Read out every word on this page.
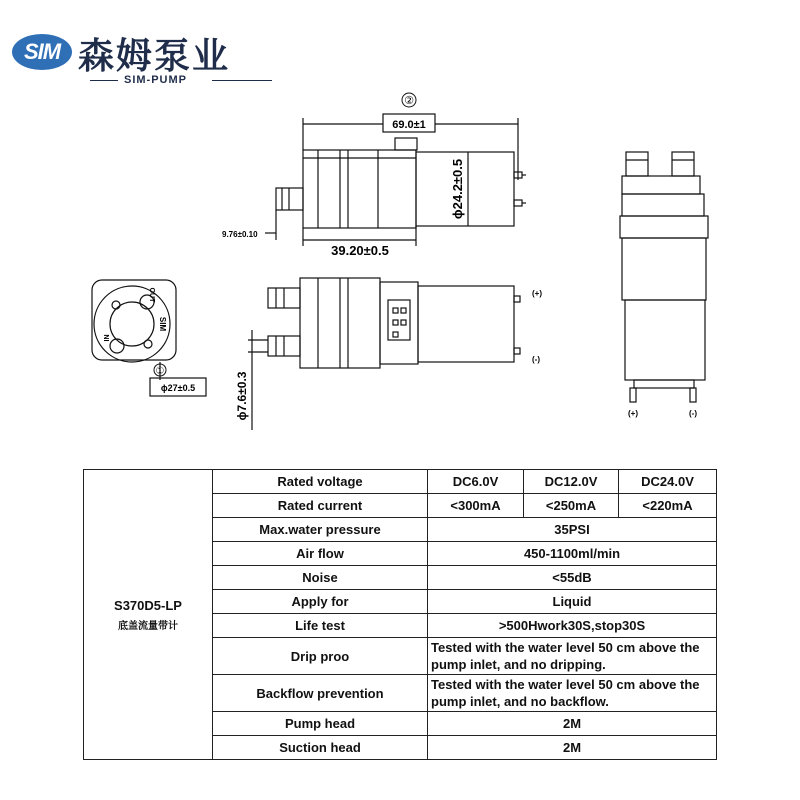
SIM 森姆泵业
SIM-PUMP
69.0±1
②
39.20±0.5
9.76±0.10
ϕ24.2±0.5
ϕ7.6±0.3
ϕ27±0.5
①
OUT
IN
SIM
(+)
(-)
(+)	(-)
S370D5-LP
底盖流量带计	Rated voltage	DC6.0V	DC12.0V	DC24.0V
	Rated current	<300mA	<250mA	<220mA
	Max.water pressure	35PSI		
	Air flow	450-1100ml/min		
	Noise	<55dB		
	Apply for	Liquid		
	Life test	>500Hwork30S,stop30S		
	Drip proo	Tested with the water level 50 cm above the pump inlet, and no dripping.		
	Backflow prevention	Tested with the water level 50 cm above the pump inlet, and no backflow.		
	Pump head	2M		
	Suction head	2M		
